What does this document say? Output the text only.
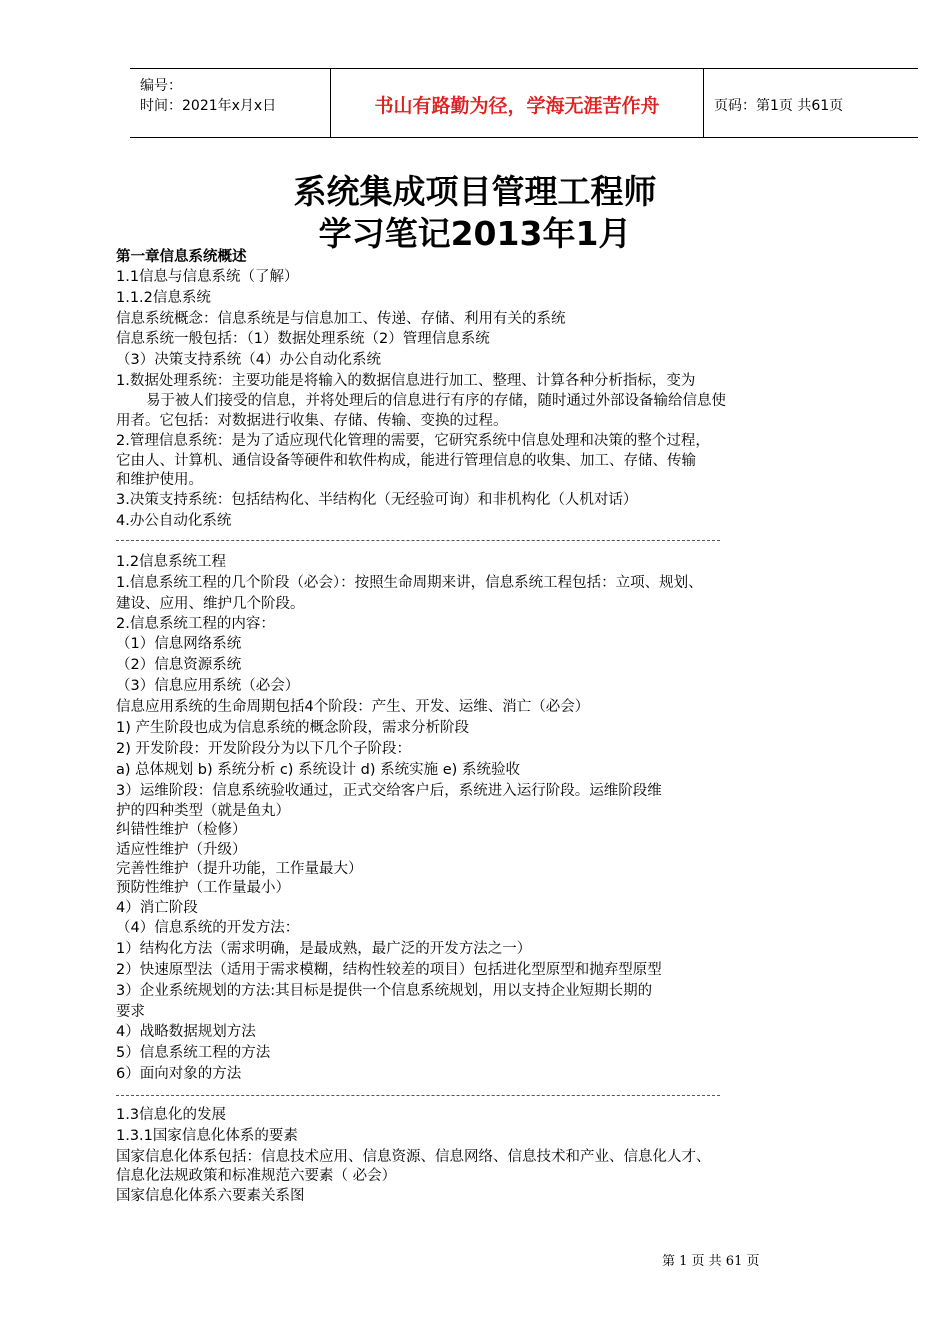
编号：
时间：2021年x月x日	书山有路勤为径，学海无涯苦作舟	页码：第1页 共61页
系统集成项目管理工程师
学习笔记2013年1月
第一章信息系统概述
1.1信息与信息系统（了解）
1.1.2信息系统
信息系统概念：信息系统是与信息加工、传递、存储、利用有关的系统
信息系统一般包括：（1）数据处理系统（2）管理信息系统
（3）决策支持系统（4）办公自动化系统
1.数据处理系统：主要功能是将输入的数据信息进行加工、整理、计算各种分析指标，变为
易于被人们接受的信息，并将处理后的信息进行有序的存储，随时通过外部设备输给信息使
用者。它包括：对数据进行收集、存储、传输、变换的过程。
2.管理信息系统：是为了适应现代化管理的需要，它研究系统中信息处理和决策的整个过程，
它由人、计算机、通信设备等硬件和软件构成，能进行管理信息的收集、加工、存储、传输
和维护使用。
3.决策支持系统：包括结构化、半结构化（无经验可询）和非机构化（人机对话）
4.办公自动化系统
1.2信息系统工程
1.信息系统工程的几个阶段（必会）：按照生命周期来讲，信息系统工程包括：立项、规划、
建设、应用、维护几个阶段。
2.信息系统工程的内容：
（1）信息网络系统
（2）信息资源系统
（3）信息应用系统（必会）
信息应用系统的生命周期包括4个阶段：产生、开发、运维、消亡（必会）
1) 产生阶段也成为信息系统的概念阶段，需求分析阶段
2) 开发阶段：开发阶段分为以下几个子阶段：
a) 总体规划 b) 系统分析 c) 系统设计 d) 系统实施 e) 系统验收
3）运维阶段：信息系统验收通过，正式交给客户后，系统进入运行阶段。运维阶段维
护的四种类型（就是鱼丸）
纠错性维护（检修）
适应性维护（升级）
完善性维护（提升功能，工作量最大）
预防性维护（工作量最小）
4）消亡阶段
（4）信息系统的开发方法：
1）结构化方法（需求明确，是最成熟，最广泛的开发方法之一）
2）快速原型法（适用于需求模糊，结构性较差的项目）包括进化型原型和抛弃型原型
3）企业系统规划的方法:其目标是提供一个信息系统规划，用以支持企业短期长期的
要求
4）战略数据规划方法
5）信息系统工程的方法
6）面向对象的方法
1.3信息化的发展
1.3.1国家信息化体系的要素
国家信息化体系包括：信息技术应用、信息资源、信息网络、信息技术和产业、信息化人才、
信息化法规政策和标准规范六要素（ 必会）
国家信息化体系六要素关系图
第 1 页 共 61 页
